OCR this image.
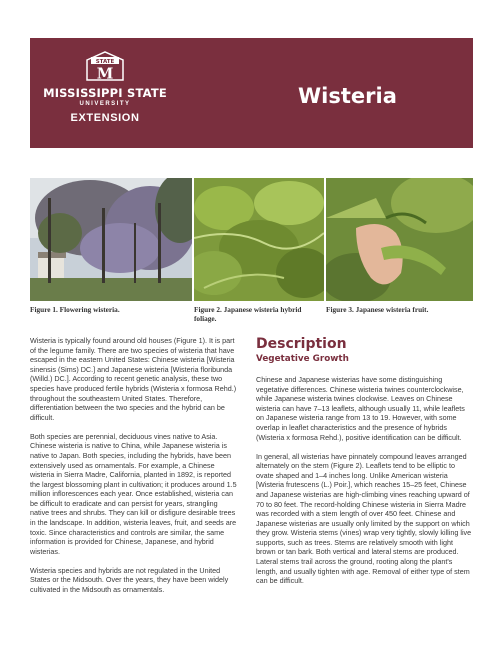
STATE
M
MISSISSIPPI STATE
UNIVERSITY
EXTENSION
Wisteria
Figure 1. Flowering wisteria.	Figure 2. Japanese wisteria hybrid foliage.
Figure 3. Japanese wisteria fruit.

Wisteria is typically found around old houses (Figure 1). It is part of the legume family. There are two species of wisteria that have escaped in the eastern United States: Chinese wisteria [Wisteria sinensis (Sims) DC.] and Japanese wisteria [Wisteria floribunda (Willd.) DC.]. According to recent genetic analysis, these two species have produced fertile hybrids (Wisteria x formosa Rehd.) throughout the southeastern United States. Therefore, differentiation between the two species and the hybrid can be difficult.

Both species are perennial, deciduous vines native to Asia. Chinese wisteria is native to China, while Japanese wisteria is native to Japan. Both species, including the hybrids, have been extensively used as ornamentals. For example, a Chinese wisteria in Sierra Madre, California, planted in 1892, is reported the largest blossoming plant in cultivation; it produces around 1.5 million inflorescences each year. Once established, wisteria can be difficult to eradicate and can persist for years, strangling native trees and shrubs. They can kill or disfigure desirable trees in the landscape. In addition, wisteria leaves, fruit, and seeds are toxic. Since characteristics and controls are similar, the same information is provided for Chinese, Japanese, and hybrid wisterias.

Wisteria species and hybrids are not regulated in the United States or the Midsouth. Over the years, they have been widely cultivated in the Midsouth as ornamentals.

Description
Vegetative Growth

Chinese and Japanese wisterias have some distinguishing vegetative differences. Chinese wisteria twines counterclockwise, while Japanese wisteria twines clockwise. Leaves on Chinese wisteria can have 7–13 leaflets, although usually 11, while leaflets on Japanese wisteria range from 13 to 19. However, with some overlap in leaflet characteristics and the presence of hybrids (Wisteria x formosa Rehd.), positive identification can be difficult.

In general, all wisterias have pinnately compound leaves arranged alternately on the stem (Figure 2). Leaflets tend to be elliptic to ovate shaped and 1–4 inches long. Unlike American wisteria [Wisteria frutescens (L.) Poir.], which reaches 15–25 feet, Chinese and Japanese wisterias are high-climbing vines reaching upward of 70 to 80 feet. The record-holding Chinese wisteria in Sierra Madre was recorded with a stem length of over 450 feet. Chinese and Japanese wisterias are usually only limited by the support on which they grow. Wisteria stems (vines) wrap very tightly, slowly killing live supports, such as trees. Stems are relatively smooth with light brown or tan bark. Both vertical and lateral stems are produced. Lateral stems trail across the ground, rooting along the plant's length, and usually tighten with age. Removal of either type of stem can be difficult.
